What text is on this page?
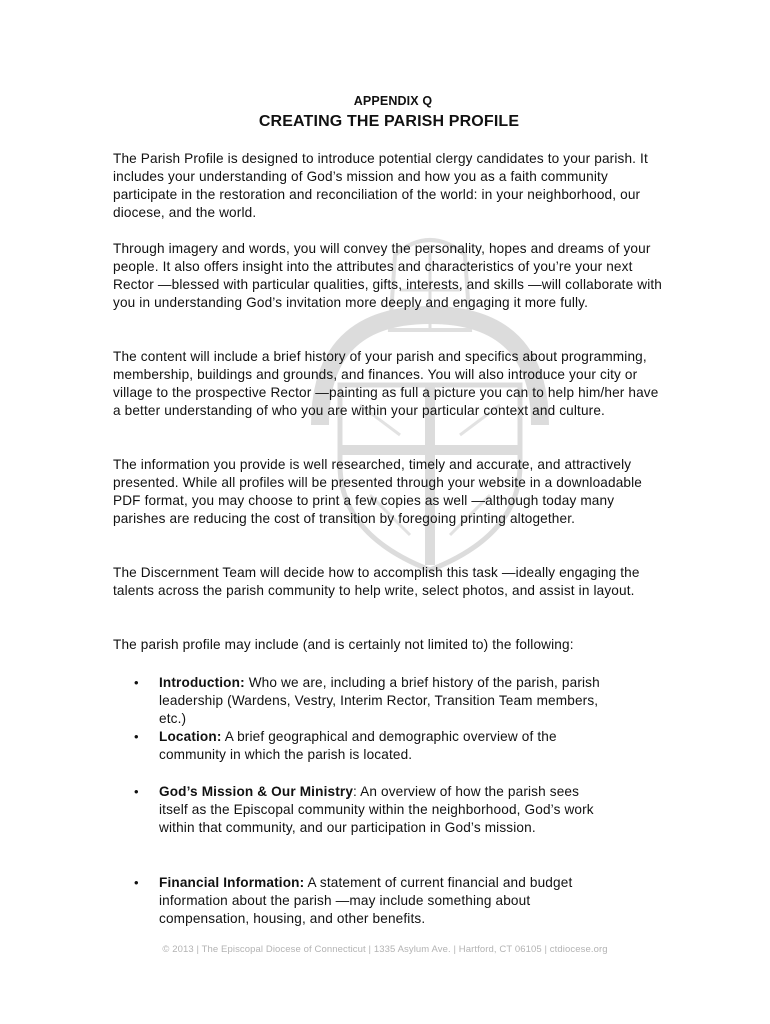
APPENDIX Q

CREATING THE PARISH PROFILE

The Parish Profile is designed to introduce potential clergy candidates to your parish. It includes your understanding of God’s mission and how you as a faith community participate in the restoration and reconciliation of the world: in your neighborhood, our diocese, and the world.

Through imagery and words, you will convey the personality, hopes and dreams of your people. It also offers insight into the attributes and characteristics of you’re your next Rector —blessed with particular qualities, gifts, interests, and skills —will collaborate with you in understanding God’s invitation more deeply and engaging it more fully.

The content will include a brief history of your parish and specifics about programming, membership, buildings and grounds, and finances. You will also introduce your city or village to the prospective Rector —painting as full a picture you can to help him/her have a better understanding of who you are within your particular context and culture.

The information you provide is well researched, timely and accurate, and attractively presented. While all profiles will be presented through your website in a downloadable PDF format, you may choose to print a few copies as well —although today many parishes are reducing the cost of transition by foregoing printing altogether.

The Discernment Team will decide how to accomplish this task —ideally engaging the talents across the parish community to help write, select photos, and assist in layout.

The parish profile may include (and is certainly not limited to) the following:

• Introduction: Who we are, including a brief history of the parish, parish leadership (Wardens, Vestry, Interim Rector, Transition Team members, etc.)
• Location: A brief geographical and demographic overview of the community in which the parish is located.
• God’s Mission & Our Ministry: An overview of how the parish sees itself as the Episcopal community within the neighborhood, God’s work within that community, and our participation in God’s mission.
• Financial Information: A statement of current financial and budget information about the parish —may include something about compensation, housing, and other benefits.
© 2013 | The Episcopal Diocese of Connecticut | 1335 Asylum Ave. | Hartford, CT 06105 | ctdiocese.org
